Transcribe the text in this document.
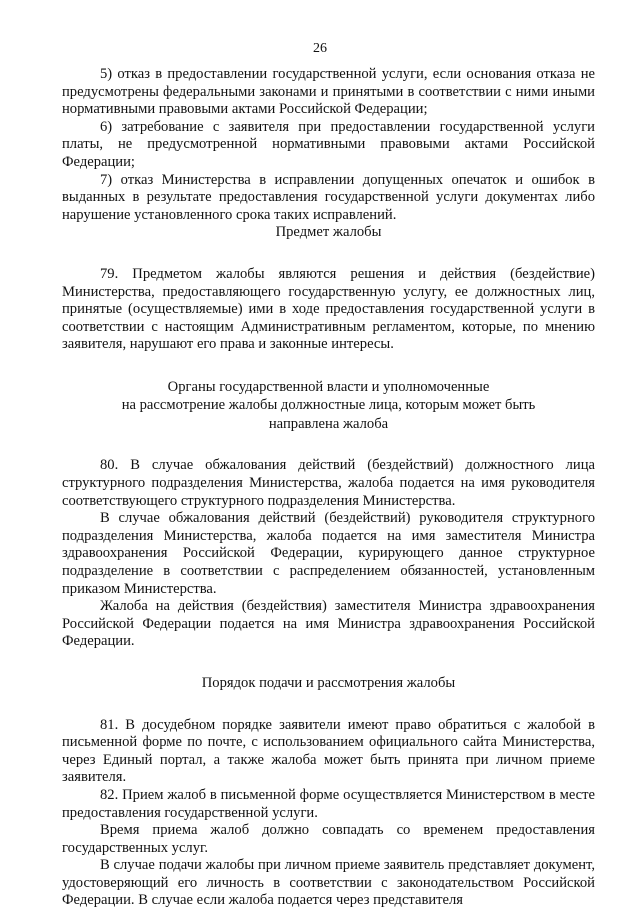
26

5) отказ в предоставлении государственной услуги, если основания отказа не предусмотрены федеральными законами и принятыми в соответствии с ними иными нормативными правовыми актами Российской Федерации;

6) затребование с заявителя при предоставлении государственной услуги платы, не предусмотренной нормативными правовыми актами Российской Федерации;

7) отказ Министерства в исправлении допущенных опечаток и ошибок в выданных в результате предоставления государственной услуги документах либо нарушение установленного срока таких исправлений.

Предмет жалобы

79. Предметом жалобы являются решения и действия (бездействие) Министерства, предоставляющего государственную услугу, ее должностных лиц, принятые (осуществляемые) ими в ходе предоставления государственной услуги в соответствии с настоящим Административным регламентом, которые, по мнению заявителя, нарушают его права и законные интересы.

Органы государственной власти и уполномоченные
на рассмотрение жалобы должностные лица, которым может быть
направлена жалоба

80. В случае обжалования действий (бездействий) должностного лица структурного подразделения Министерства, жалоба подается на имя руководителя соответствующего структурного подразделения Министерства.

В случае обжалования действий (бездействий) руководителя структурного подразделения Министерства, жалоба подается на имя заместителя Министра здравоохранения Российской Федерации, курирующего данное структурное подразделение в соответствии с распределением обязанностей, установленным приказом Министерства.

Жалоба на действия (бездействия) заместителя Министра здравоохранения Российской Федерации подается на имя Министра здравоохранения Российской Федерации.

Порядок подачи и рассмотрения жалобы

81. В досудебном порядке заявители имеют право обратиться с жалобой в письменной форме по почте, с использованием официального сайта Министерства, через Единый портал, а также жалоба может быть принята при личном приеме заявителя.

82. Прием жалоб в письменной форме осуществляется Министерством в месте предоставления государственной услуги.

Время приема жалоб должно совпадать со временем предоставления государственных услуг.

В случае подачи жалобы при личном приеме заявитель представляет документ, удостоверяющий его личность в соответствии с законодательством Российской Федерации. В случае если жалоба подается через представителя
